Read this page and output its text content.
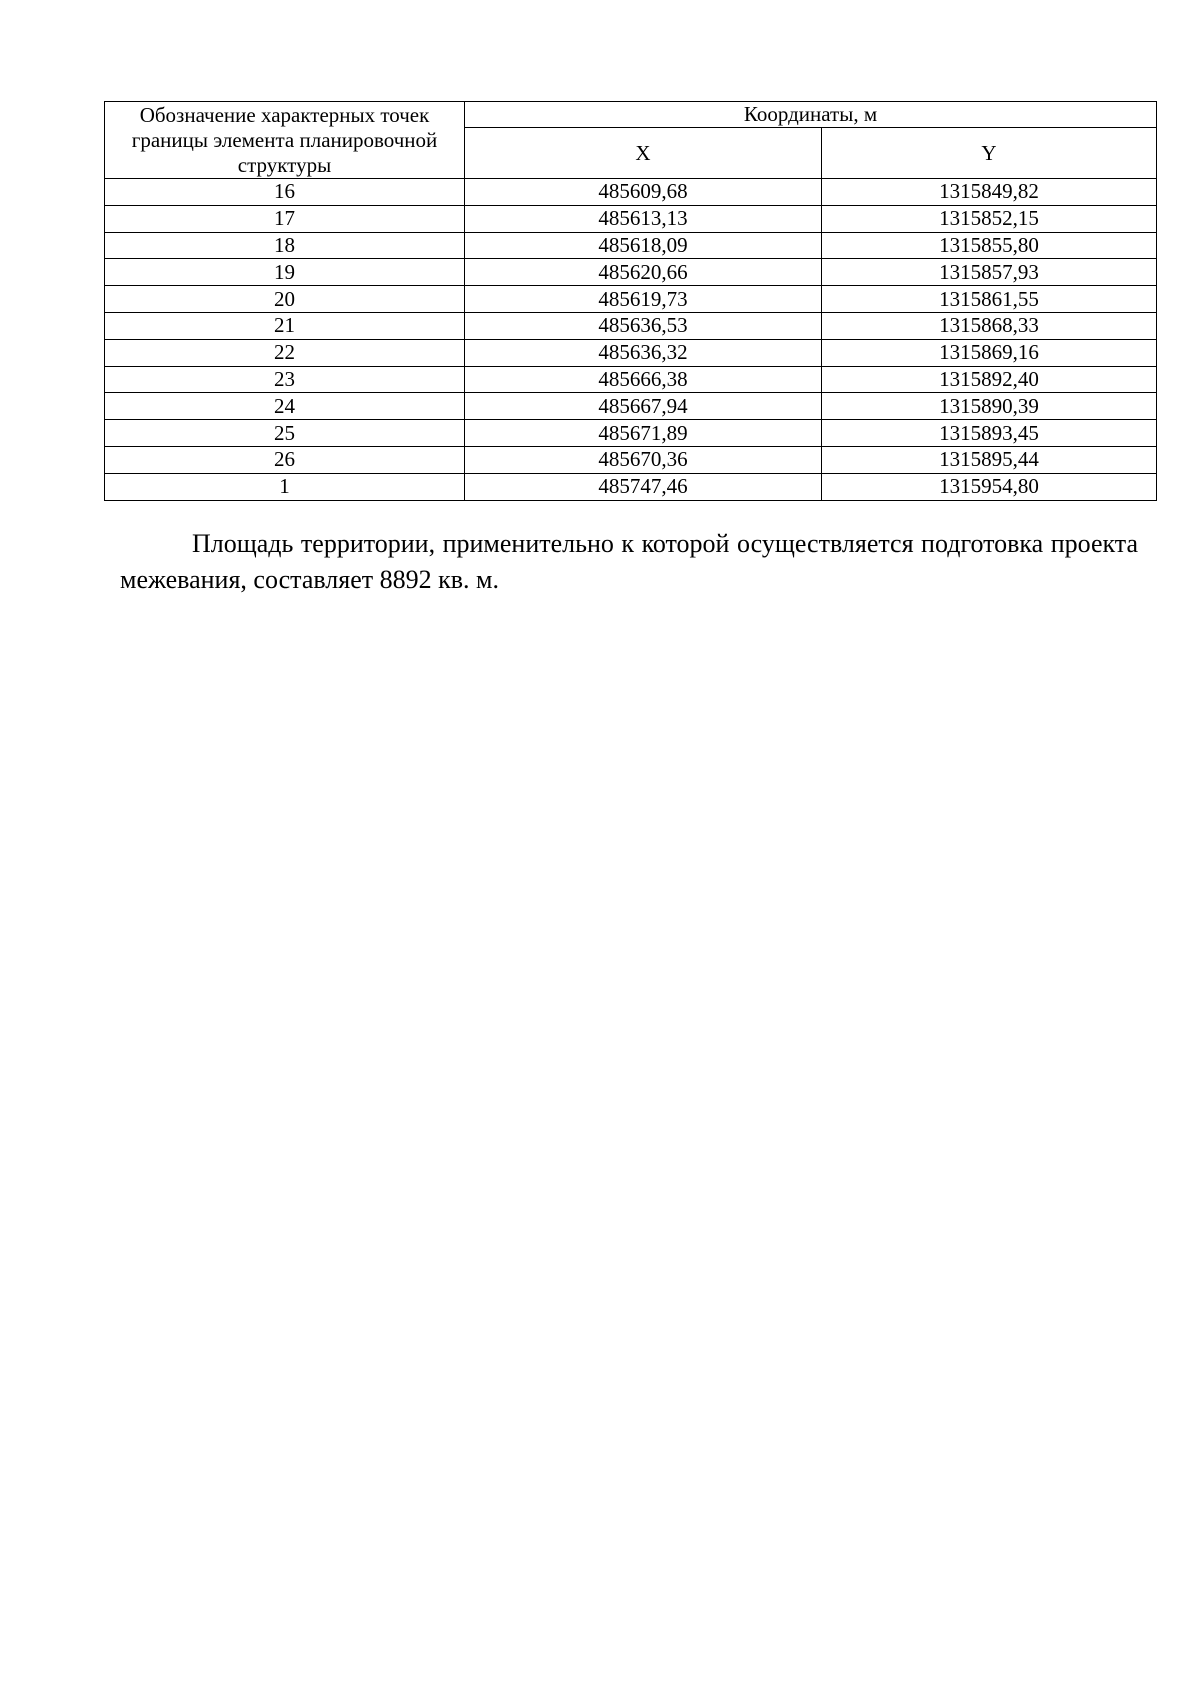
Обозначение характерных точек границы элемента планировочной структуры	Координаты, м	
	X	Y
16	485609,68	1315849,82
17	485613,13	1315852,15
18	485618,09	1315855,80
19	485620,66	1315857,93
20	485619,73	1315861,55
21	485636,53	1315868,33
22	485636,32	1315869,16
23	485666,38	1315892,40
24	485667,94	1315890,39
25	485671,89	1315893,45
26	485670,36	1315895,44
1	485747,46	1315954,80

Площадь территории, применительно к которой осуществляется подготовка проекта межевания, составляет 8892 кв. м.
